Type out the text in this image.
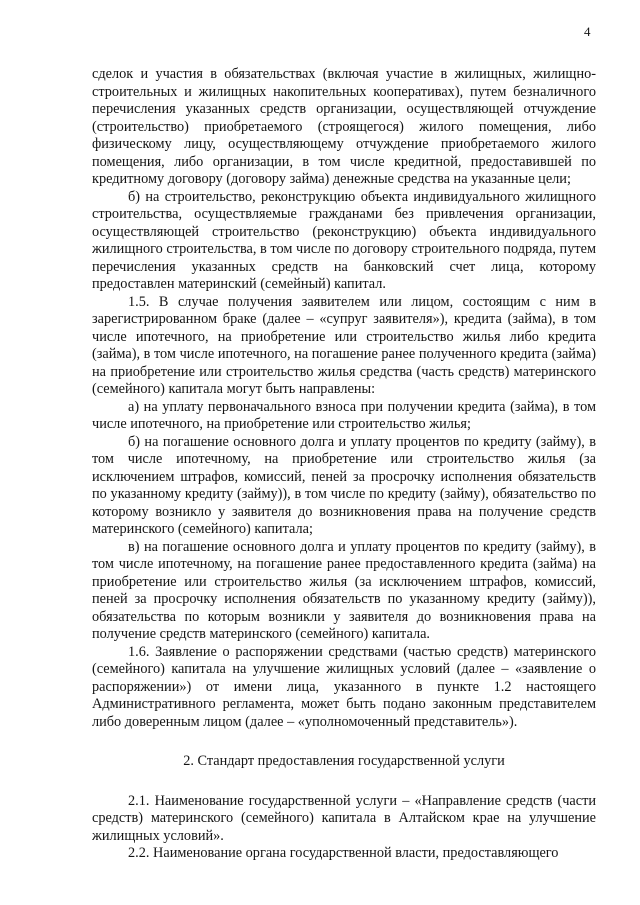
4

сделок и участия в обязательствах (включая участие в жилищных, жилищно-строительных и жилищных накопительных кооперативах), путем безналичного перечисления указанных средств организации, осуществляющей отчуждение (строительство) приобретаемого (строящегося) жилого помещения, либо физическому лицу, осуществляющему отчуждение приобретаемого жилого помещения, либо организации, в том числе кредитной, предоставившей по кредитному договору (договору займа) денежные средства на указанные цели;

б) на строительство, реконструкцию объекта индивидуального жилищного строительства, осуществляемые гражданами без привлечения организации, осуществляющей строительство (реконструкцию) объекта индивидуального жилищного строительства, в том числе по договору строительного подряда, путем перечисления указанных средств на банковский счет лица, которому предоставлен материнский (семейный) капитал.

1.5. В случае получения заявителем или лицом, состоящим с ним в зарегистрированном браке (далее – «супруг заявителя»), кредита (займа), в том числе ипотечного, на приобретение или строительство жилья либо кредита (займа), в том числе ипотечного, на погашение ранее полученного кредита (займа) на приобретение или строительство жилья средства (часть средств) материнского (семейного) капитала могут быть направлены:

а) на уплату первоначального взноса при получении кредита (займа), в том числе ипотечного, на приобретение или строительство жилья;

б) на погашение основного долга и уплату процентов по кредиту (займу), в том числе ипотечному, на приобретение или строительство жилья (за исключением штрафов, комиссий, пеней за просрочку исполнения обязательств по указанному кредиту (займу)), в том числе по кредиту (займу), обязательство по которому возникло у заявителя до возникновения права на получение средств материнского (семейного) капитала;

в) на погашение основного долга и уплату процентов по кредиту (займу), в том числе ипотечному, на погашение ранее предоставленного кредита (займа) на приобретение или строительство жилья (за исключением штрафов, комиссий, пеней за просрочку исполнения обязательств по указанному кредиту (займу)), обязательства по которым возникли у заявителя до возникновения права на получение средств материнского (семейного) капитала.

1.6. Заявление о распоряжении средствами (частью средств) материнского (семейного) капитала на улучшение жилищных условий (далее – «заявление о распоряжении») от имени лица, указанного в пункте 1.2 настоящего Административного регламента, может быть подано законным представителем либо доверенным лицом (далее – «уполномоченный представитель»).

2. Стандарт предоставления государственной услуги

2.1. Наименование государственной услуги – «Направление средств (части средств) материнского (семейного) капитала в Алтайском крае на улучшение жилищных условий».

2.2. Наименование органа государственной власти, предоставляющего
